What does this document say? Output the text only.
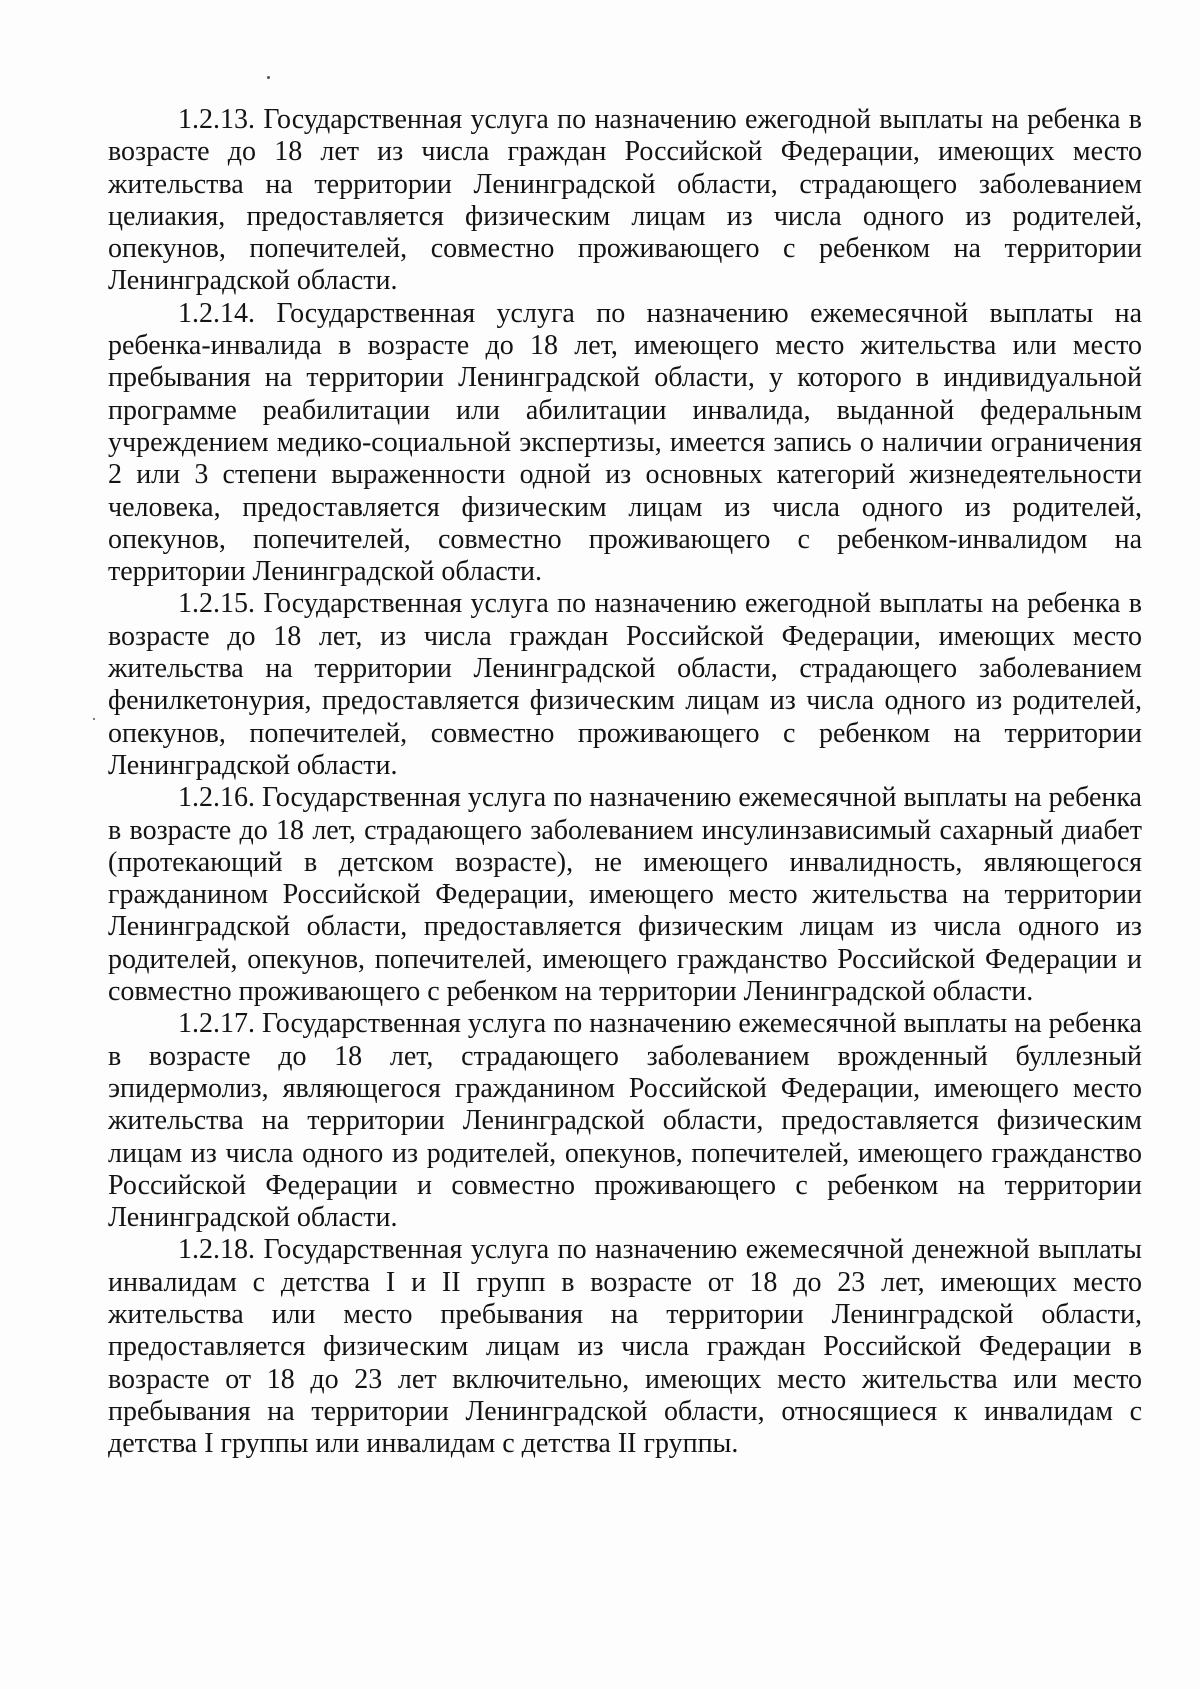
1.2.13. Государственная услуга по назначению ежегодной выплаты на ребенка в возрасте до 18 лет из числа граждан Российской Федерации, имеющих место жительства на территории Ленинградской области, страдающего заболеванием целиакия, предоставляется физическим лицам из числа одного из родителей, опекунов, попечителей, совместно проживающего с ребенком на территории Ленинградской области.

1.2.14. Государственная услуга по назначению ежемесячной выплаты на ребенка-инвалида в возрасте до 18 лет, имеющего место жительства или место пребывания на территории Ленинградской области, у которого в индивидуальной программе реабилитации или абилитации инвалида, выданной федеральным учреждением медико-социальной экспертизы, имеется запись о наличии ограничения 2 или 3 степени выраженности одной из основных категорий жизнедеятельности человека, предоставляется физическим лицам из числа одного из родителей, опекунов, попечителей, совместно проживающего с ребенком-инвалидом на территории Ленинградской области.

1.2.15. Государственная услуга по назначению ежегодной выплаты на ребенка в возрасте до 18 лет, из числа граждан Российской Федерации, имеющих место жительства на территории Ленинградской области, страдающего заболеванием фенилкетонурия, предоставляется физическим лицам из числа одного из родителей, опекунов, попечителей, совместно проживающего с ребенком на территории Ленинградской области.

1.2.16. Государственная услуга по назначению ежемесячной выплаты на ребенка в возрасте до 18 лет, страдающего заболеванием инсулинзависимый сахарный диабет (протекающий в детском возрасте), не имеющего инвалидность, являющегося гражданином Российской Федерации, имеющего место жительства на территории Ленинградской области, предоставляется физическим лицам из числа одного из родителей, опекунов, попечителей, имеющего гражданство Российской Федерации и совместно проживающего с ребенком на территории Ленинградской области.

1.2.17. Государственная услуга по назначению ежемесячной выплаты на ребенка в возрасте до 18 лет, страдающего заболеванием врожденный буллезный эпидермолиз, являющегося гражданином Российской Федерации, имеющего место жительства на территории Ленинградской области, предоставляется физическим лицам из числа одного из родителей, опекунов, попечителей, имеющего гражданство Российской Федерации и совместно проживающего с ребенком на территории Ленинградской области.

1.2.18. Государственная услуга по назначению ежемесячной денежной выплаты инвалидам с детства I и II групп в возрасте от 18 до 23 лет, имеющих место жительства или место пребывания на территории Ленинградской области, предоставляется физическим лицам из числа граждан Российской Федерации в возрасте от 18 до 23 лет включительно, имеющих место жительства или место пребывания на территории Ленинградской области, относящиеся к инвалидам с детства I группы или инвалидам с детства II группы.
